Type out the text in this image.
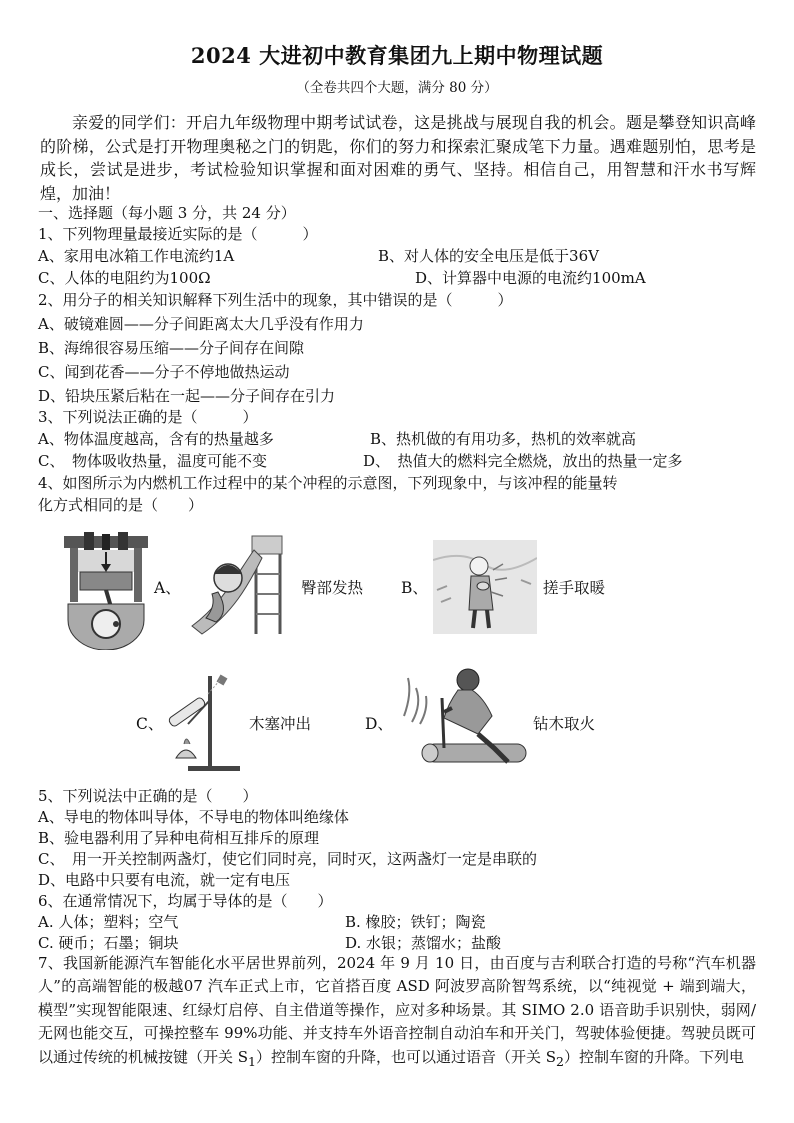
2024 大进初中教育集团九上期中物理试题
（全卷共四个大题，满分 80 分）
亲爱的同学们：开启九年级物理中期考试试卷，这是挑战与展现自我的机会。题是攀登知识高峰的阶梯，公式是打开物理奥秘之门的钥匙，你们的努力和探索汇聚成笔下力量。遇难题别怕，思考是成长，尝试是进步，考试检验知识掌握和面对困难的勇气、坚持。相信自己，用智慧和汗水书写辉煌，加油！
一、选择题（每小题 3 分，共 24 分）
1、下列物理量最接近实际的是（　　　）
A、家用电冰箱工作电流约1A	B、对人体的安全电压是低于36V
C、人体的电阻约为100Ω	D、计算器中电源的电流约100mA
2、用分子的相关知识解释下列生活中的现象，其中错误的是（　　　）
A、破镜难圆——分子间距离太大几乎没有作用力
B、海绵很容易压缩——分子间存在间隙
C、闻到花香——分子不停地做热运动
D、铅块压紧后粘在一起——分子间存在引力
3、下列说法正确的是（　　　）
A、物体温度越高，含有的热量越多	B、热机做的有用功多，热机的效率就高
C、　物体吸收热量，温度可能不变	D、　热值大的燃料完全燃烧，放出的热量一定多
4、如图所示为内燃机工作过程中的某个冲程的示意图，下列现象中，与该冲程的能量转
化方式相同的是（　　）
A、	臀部发热 B、	搓手取暖
C、	木塞冲出	D、	钻木取火
5、下列说法中正确的是（　　）
A、导电的物体叫导体，不导电的物体叫绝缘体
B、验电器利用了异种电荷相互排斥的原理
C、　用一开关控制两盏灯，使它们同时亮，同时灭，这两盏灯一定是串联的
D、电路中只要有电流，就一定有电压
6、在通常情况下，均属于导体的是（　　）
A. 人体；塑料；空气	B. 橡胶；铁钉；陶瓷
C. 硬币；石墨；铜块	D. 水银；蒸馏水；盐酸
7、我国新能源汽车智能化水平居世界前列，2024 年 9 月 10 日，由百度与吉利联合打造的号称“汽车机器人”的高端智能的极越07 汽车正式上市，它首搭百度 ASD 阿波罗高阶智驾系统，以“纯视觉 + 端到端大，模型”实现智能限速、红绿灯启停、自主借道等操作，应对多种场景。其 SIMO 2.0 语音助手识别快，弱网/无网也能交互，可操控整车 99%功能、并支持车外语音控制自动泊车和开关门，驾驶体验便捷。驾驶员既可以通过传统的机械按键（开关 $S_1$）控制车窗的升降，也可以通过语音（开关 $S_2$）控制车窗的升降。下列电
